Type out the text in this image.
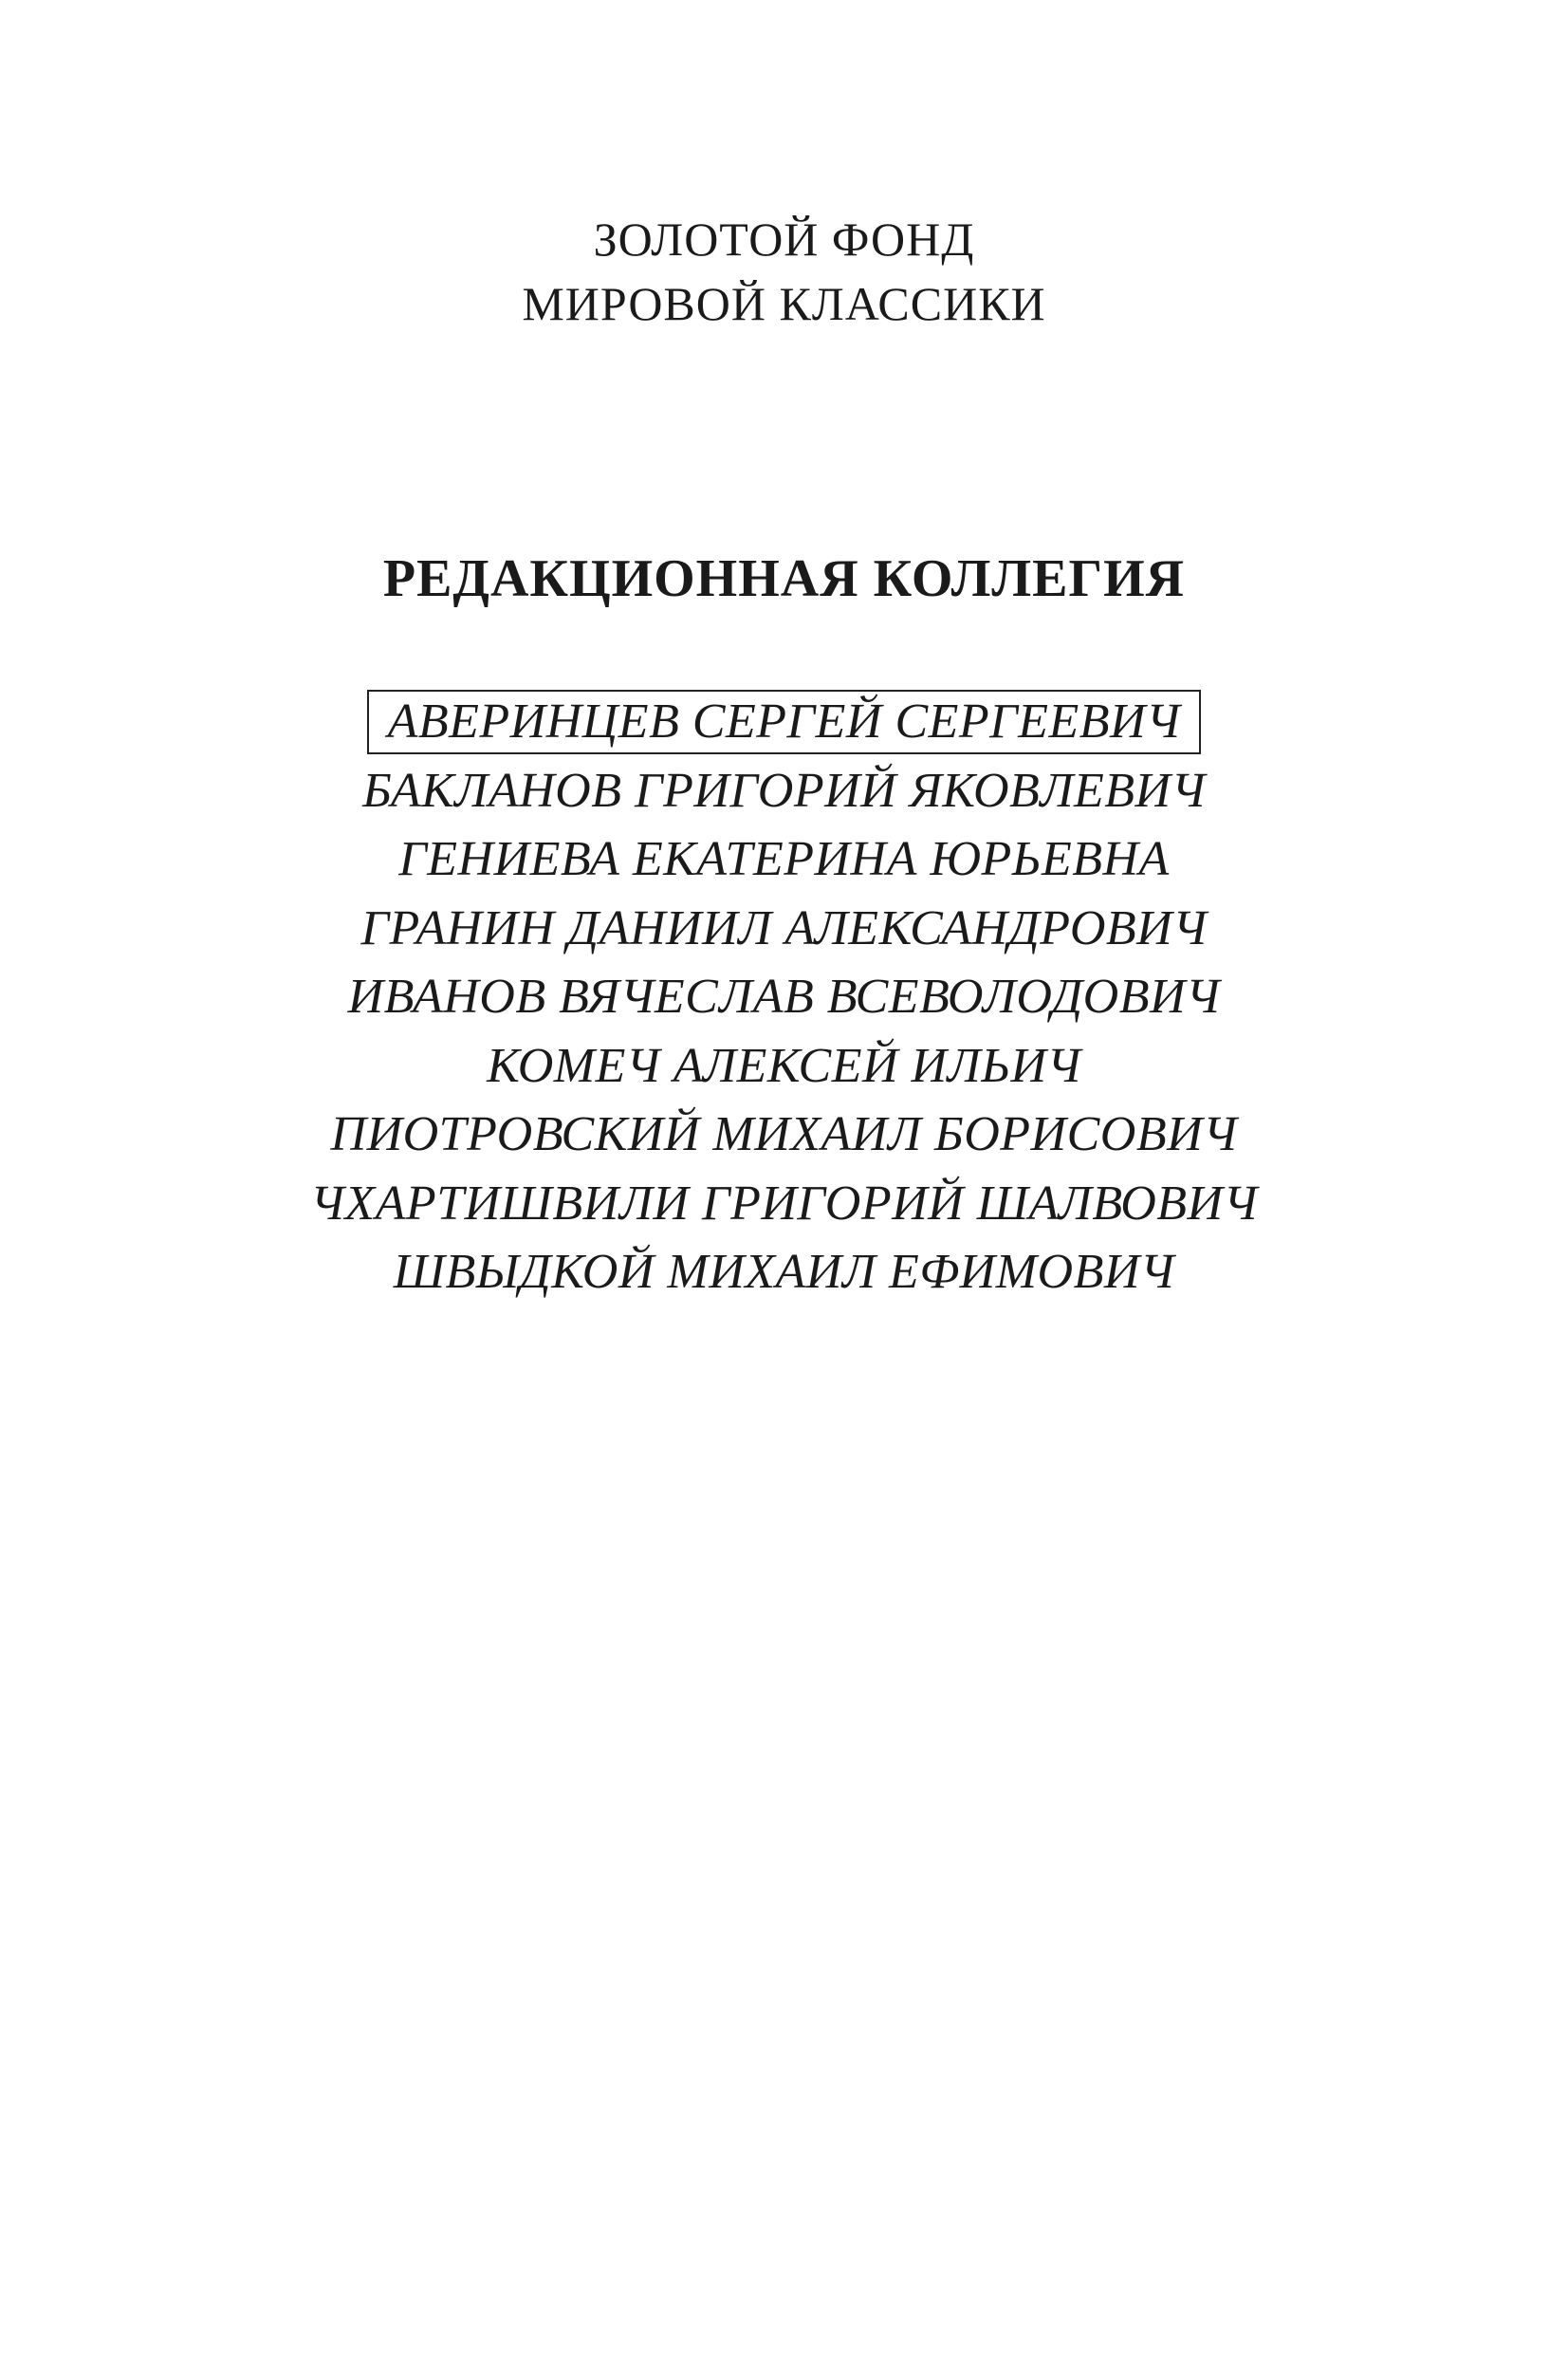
ЗОЛОТОЙ ФОНД
МИРОВОЙ КЛАССИКИ
РЕДАКЦИОННАЯ КОЛЛЕГИЯ
АВЕРИНЦЕВ СЕРГЕЙ СЕРГЕЕВИЧ
БАКЛАНОВ ГРИГОРИЙ ЯКОВЛЕВИЧ
ГЕНИЕВА ЕКАТЕРИНА ЮРЬЕВНА
ГРАНИН ДАНИИЛ АЛЕКСАНДРОВИЧ
ИВАНОВ ВЯЧЕСЛАВ ВСЕВОЛОДОВИЧ
КОМЕЧ АЛЕКСЕЙ ИЛЬИЧ
ПИОТРОВСКИЙ МИХАИЛ БОРИСОВИЧ
ЧХАРТИШВИЛИ ГРИГОРИЙ ШАЛВОВИЧ
ШВЫДКОЙ МИХАИЛ ЕФИМОВИЧ
